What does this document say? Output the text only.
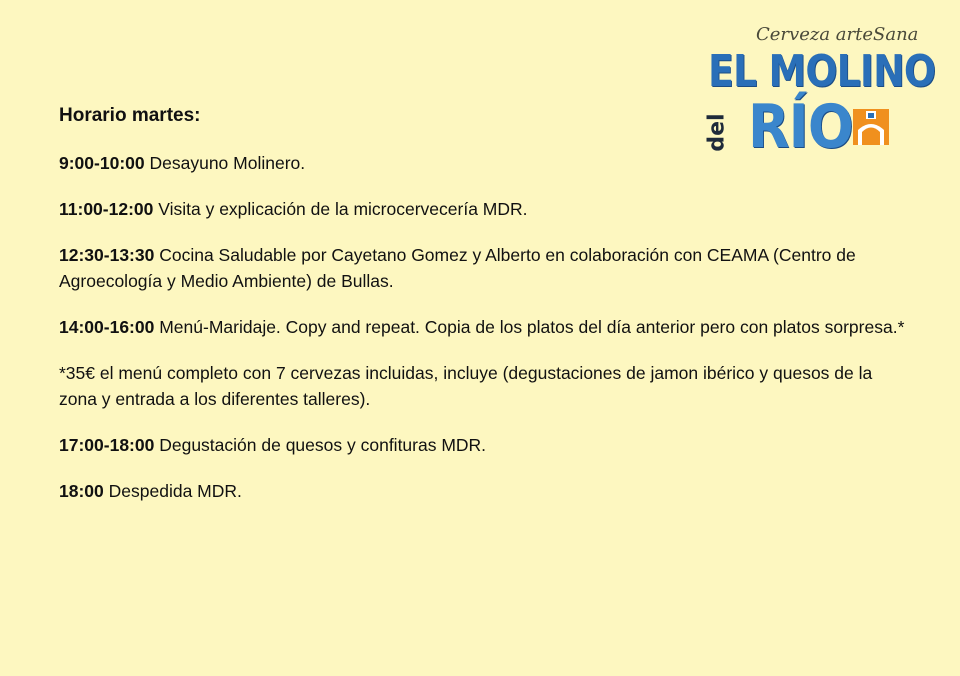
Cerveza arteSana
EL MOLINO
del RÍO
Horario martes:

9:00-10:00 Desayuno Molinero.

11:00-12:00 Visita y explicación de la microcervecería MDR.

12:30-13:30 Cocina Saludable por Cayetano Gomez y Alberto en colaboración con CEAMA (Centro de Agroecología y Medio Ambiente) de Bullas.

14:00-16:00 Menú-Maridaje. Copy and repeat. Copia de los platos del día anterior pero con platos sorpresa.*

*35€ el menú completo con 7 cervezas incluidas, incluye (degustaciones de jamon ibérico y quesos de la zona y entrada a los diferentes talleres).

17:00-18:00 Degustación de quesos y confituras MDR.

18:00 Despedida MDR.
